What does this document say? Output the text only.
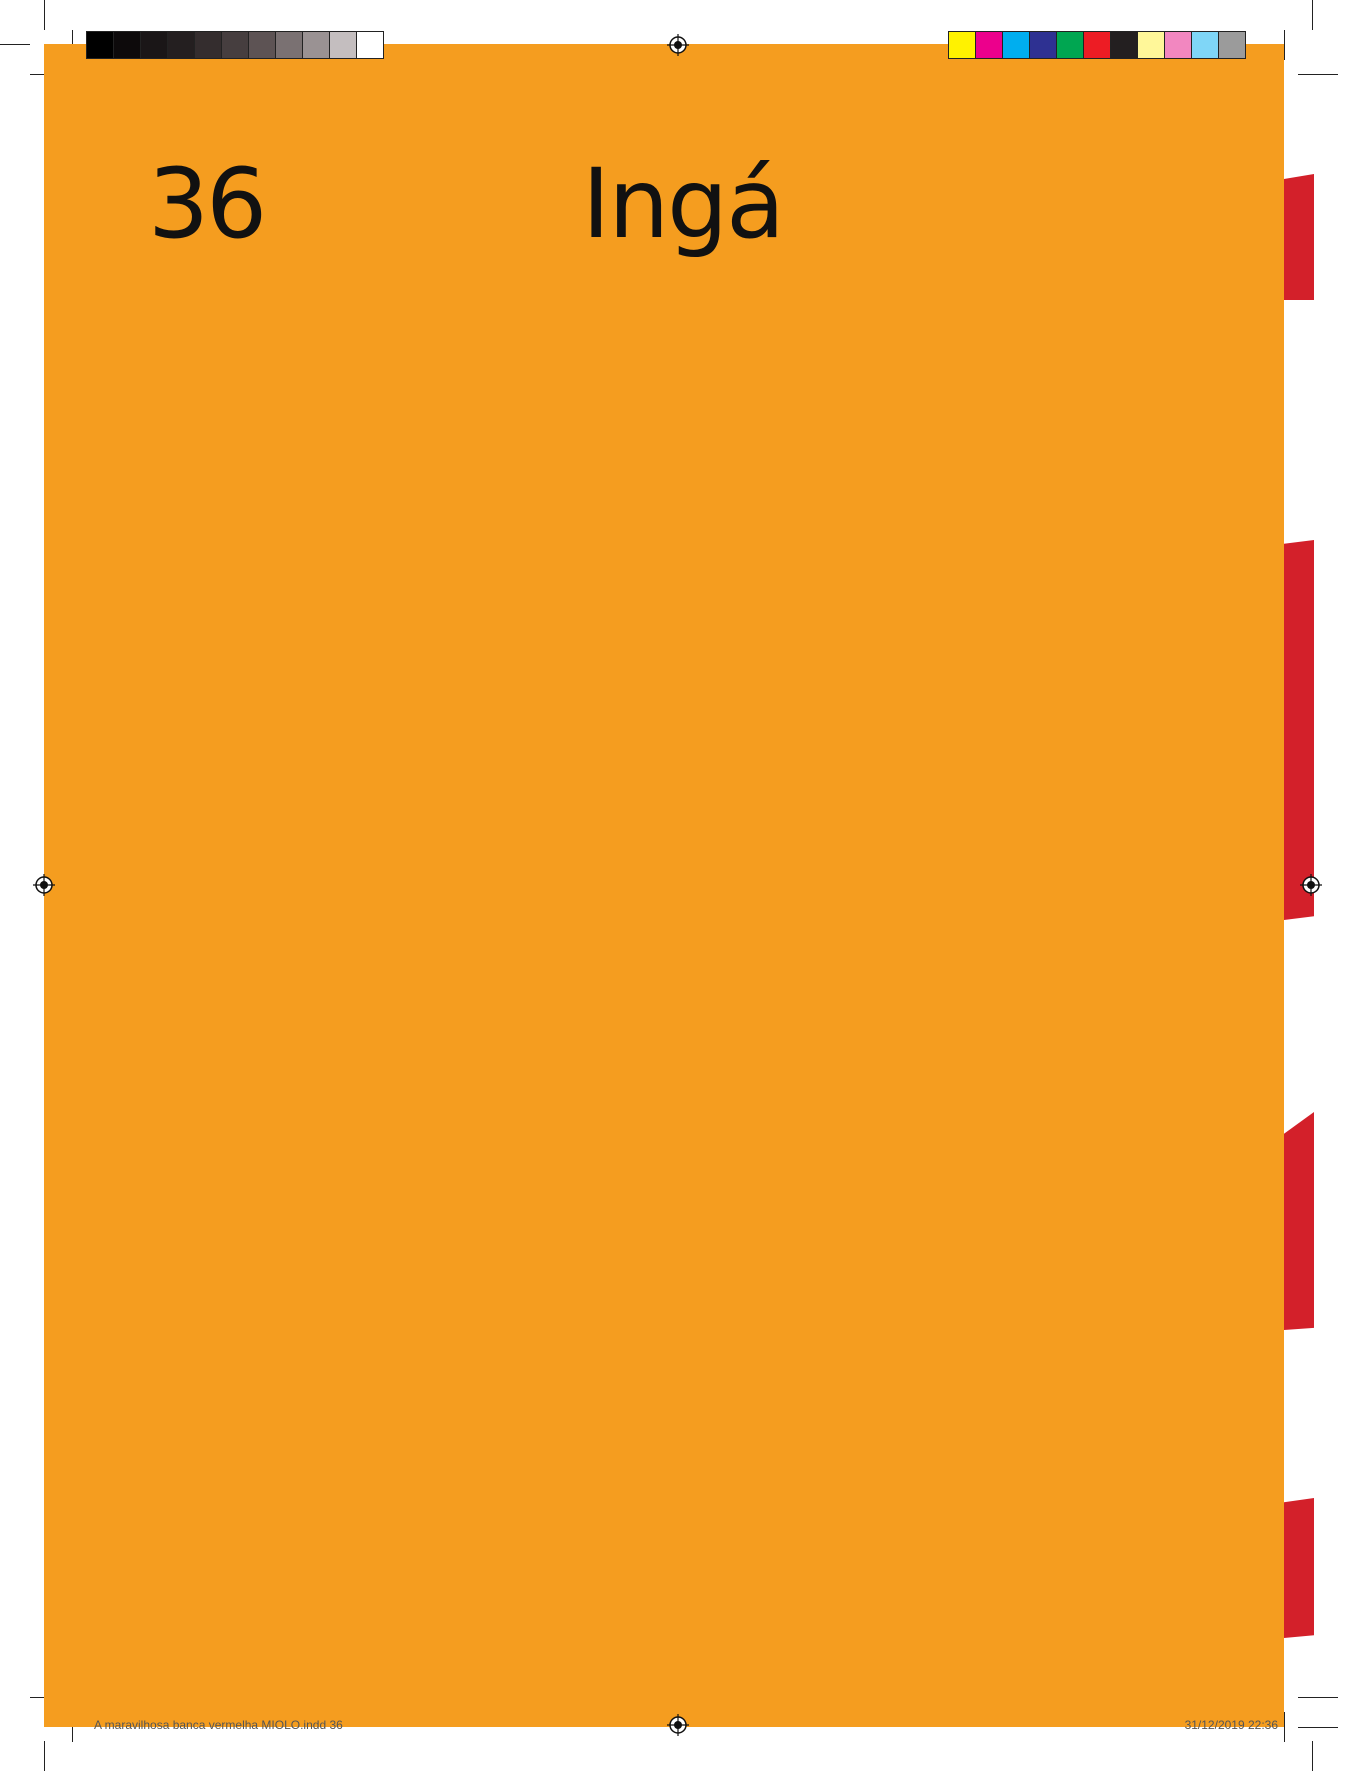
36	Ingá
A maravilhosa banca vermelha MIOLO.indd 36	31/12/2019 22:36
